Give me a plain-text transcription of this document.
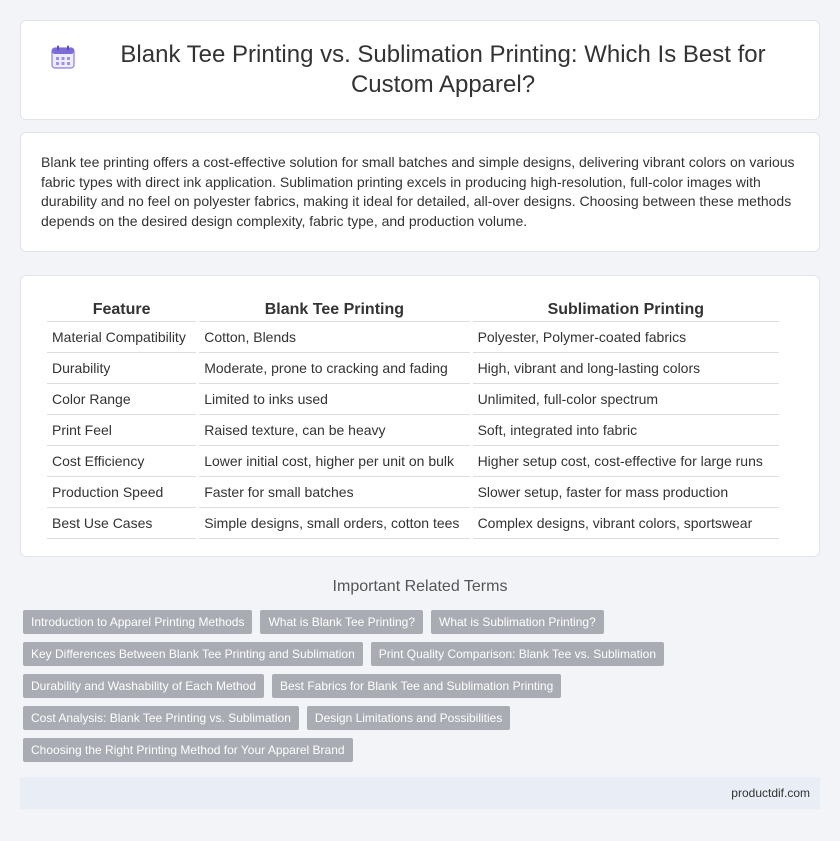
Blank Tee Printing vs. Sublimation Printing: Which Is Best for Custom Apparel?

Blank tee printing offers a cost-effective solution for small batches and simple designs, delivering vibrant colors on various fabric types with direct ink application. Sublimation printing excels in producing high-resolution, full-color images with durability and no feel on polyester fabrics, making it ideal for detailed, all-over designs. Choosing between these methods depends on the desired design complexity, fabric type, and production volume.

Feature	Blank Tee Printing	Sublimation Printing
Material Compatibility	Cotton, Blends	Polyester, Polymer-coated fabrics
Durability	Moderate, prone to cracking and fading	High, vibrant and long-lasting colors
Color Range	Limited to inks used	Unlimited, full-color spectrum
Print Feel	Raised texture, can be heavy	Soft, integrated into fabric
Cost Efficiency	Lower initial cost, higher per unit on bulk	Higher setup cost, cost-effective for large runs
Production Speed	Faster for small batches	Slower setup, faster for mass production
Best Use Cases	Simple designs, small orders, cotton tees	Complex designs, vibrant colors, sportswear
Important Related Terms
Introduction to Apparel Printing Methods	What is Blank Tee Printing?	What is Sublimation Printing?
Key Differences Between Blank Tee Printing and Sublimation	Print Quality Comparison: Blank Tee vs. Sublimation
Durability and Washability of Each Method	Best Fabrics for Blank Tee and Sublimation Printing
Cost Analysis: Blank Tee Printing vs. Sublimation	Design Limitations and Possibilities
Choosing the Right Printing Method for Your Apparel Brand
productdif.com
